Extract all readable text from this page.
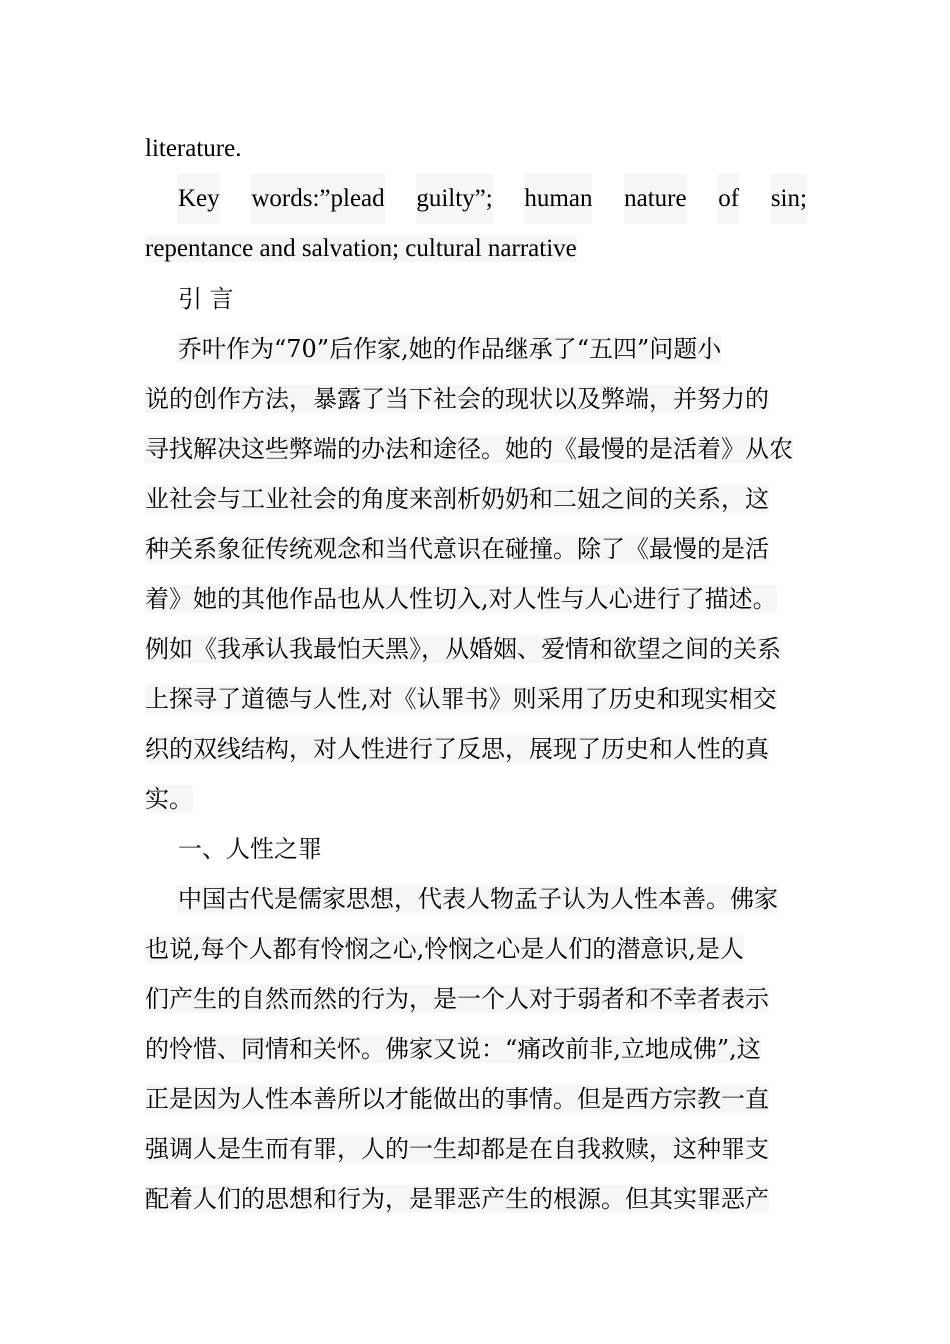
literature.
Key words:”plead guilty”; human nature of sin;
repentance and salvation; cultural narrative
引 言
乔叶作为“70”后作家,她的作品继承了“五四”问题小
说的创作方法，暴露了当下社会的现状以及弊端，并努力的
寻找解决这些弊端的办法和途径。她的《最慢的是活着》从农
业社会与工业社会的角度来剖析奶奶和二妞之间的关系，这
种关系象征传统观念和当代意识在碰撞。除了《最慢的是活
着》她的其他作品也从人性切入,对人性与人心进行了描述。
例如《我承认我最怕天黑》，从婚姻、爱情和欲望之间的关系
上探寻了道德与人性,对《认罪书》则采用了历史和现实相交
织的双线结构，对人性进行了反思，展现了历史和人性的真
实。
一、人性之罪
中国古代是儒家思想，代表人物孟子认为人性本善。佛家
也说,每个人都有怜悯之心,怜悯之心是人们的潜意识,是人
们产生的自然而然的行为，是一个人对于弱者和不幸者表示
的怜惜、同情和关怀。佛家又说：“痛改前非,立地成佛”,这
正是因为人性本善所以才能做出的事情。但是西方宗教一直
强调人是生而有罪，人的一生却都是在自我救赎，这种罪支
配着人们的思想和行为，是罪恶产生的根源。但其实罪恶产
